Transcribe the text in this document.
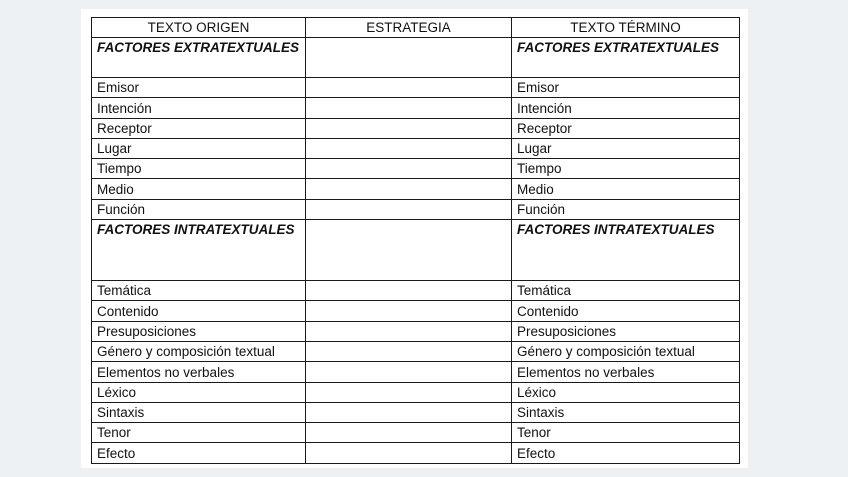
TEXTO ORIGEN	ESTRATEGIA	TEXTO TÉRMINO
FACTORES EXTRATEXTUALES		FACTORES EXTRATEXTUALES
Emisor		Emisor
Intención		Intención
Receptor		Receptor
Lugar		Lugar
Tiempo		Tiempo
Medio		Medio
Función		Función
FACTORES INTRATEXTUALES		FACTORES INTRATEXTUALES
Temática		Temática
Contenido		Contenido
Presuposiciones		Presuposiciones
Género y composición textual		Género y composición textual
Elementos no verbales		Elementos no verbales
Léxico		Léxico
Sintaxis		Sintaxis
Tenor		Tenor
Efecto		Efecto
